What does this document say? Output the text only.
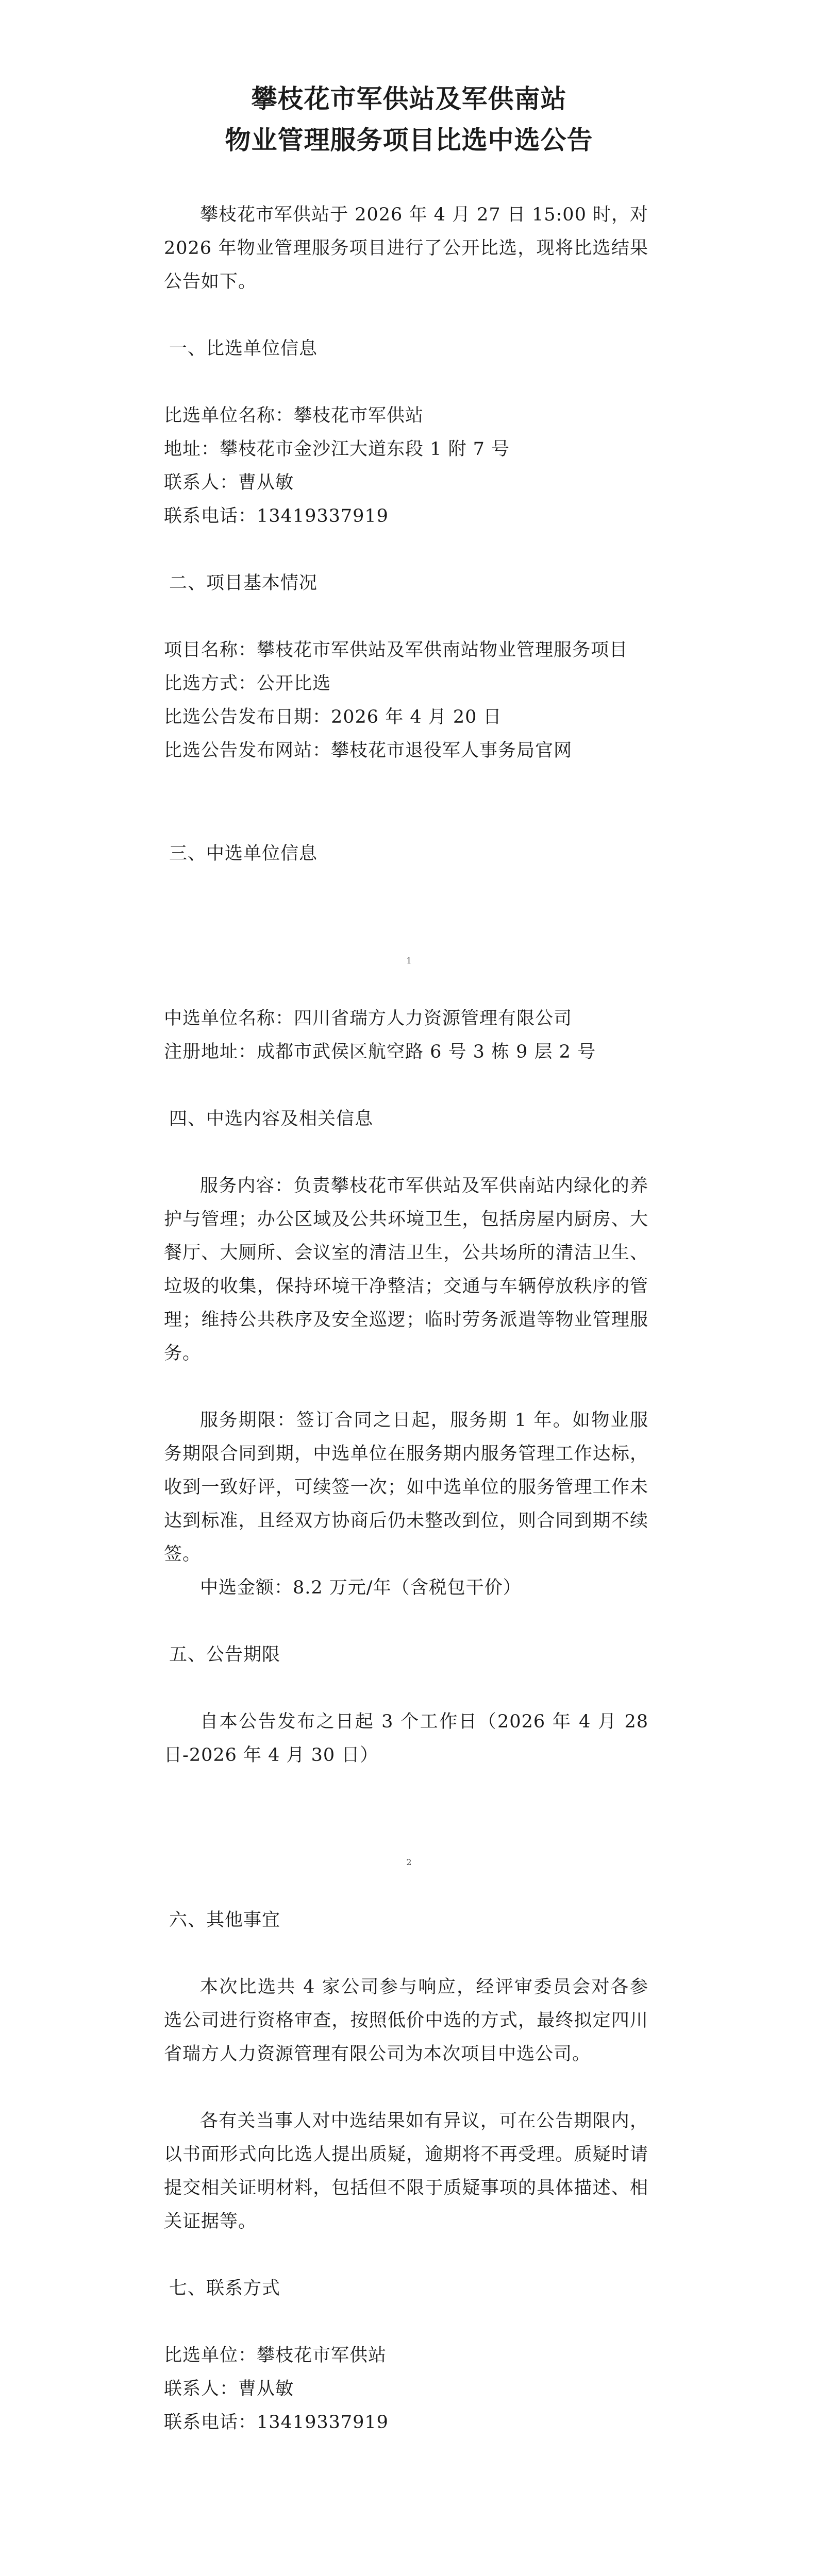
攀枝花市军供站及军供南站
物业管理服务项目比选中选公告

攀枝花市军供站于 2026 年 4 月 27 日 15:00 时，对 2026 年物业管理服务项目进行了公开比选，现将比选结果公告如下。

一、比选单位信息

比选单位名称：攀枝花市军供站

地址：攀枝花市金沙江大道东段 1 附 7 号

联系人：曹从敏

联系电话：13419337919

二、项目基本情况

项目名称：攀枝花市军供站及军供南站物业管理服务项目

比选方式：公开比选

比选公告发布日期：2026 年 4 月 20 日

比选公告发布网站：攀枝花市退役军人事务局官网

三、中选单位信息

1

中选单位名称：四川省瑞方人力资源管理有限公司

注册地址：成都市武侯区航空路 6 号 3 栋 9 层 2 号

四、中选内容及相关信息

服务内容：负责攀枝花市军供站及军供南站内绿化的养护与管理；办公区域及公共环境卫生，包括房屋内厨房、大餐厅、大厕所、会议室的清洁卫生，公共场所的清洁卫生、垃圾的收集，保持环境干净整洁；交通与车辆停放秩序的管理；维持公共秩序及安全巡逻；临时劳务派遣等物业管理服务。

服务期限：签订合同之日起，服务期 1 年。如物业服务期限合同到期，中选单位在服务期内服务管理工作达标，收到一致好评，可续签一次；如中选单位的服务管理工作未达到标准，且经双方协商后仍未整改到位，则合同到期不续签。

中选金额：8.2 万元/年（含税包干价）

五、公告期限

自本公告发布之日起 3 个工作日（2026 年 4 月 28 日-2026 年 4 月 30 日）

2

六、其他事宜

本次比选共 4 家公司参与响应，经评审委员会对各参选公司进行资格审查，按照低价中选的方式，最终拟定四川省瑞方人力资源管理有限公司为本次项目中选公司。

各有关当事人对中选结果如有异议，可在公告期限内，以书面形式向比选人提出质疑，逾期将不再受理。质疑时请提交相关证明材料，包括但不限于质疑事项的具体描述、相关证据等。

七、联系方式

比选单位：攀枝花市军供站

联系人：曹从敏

联系电话：13419337919
